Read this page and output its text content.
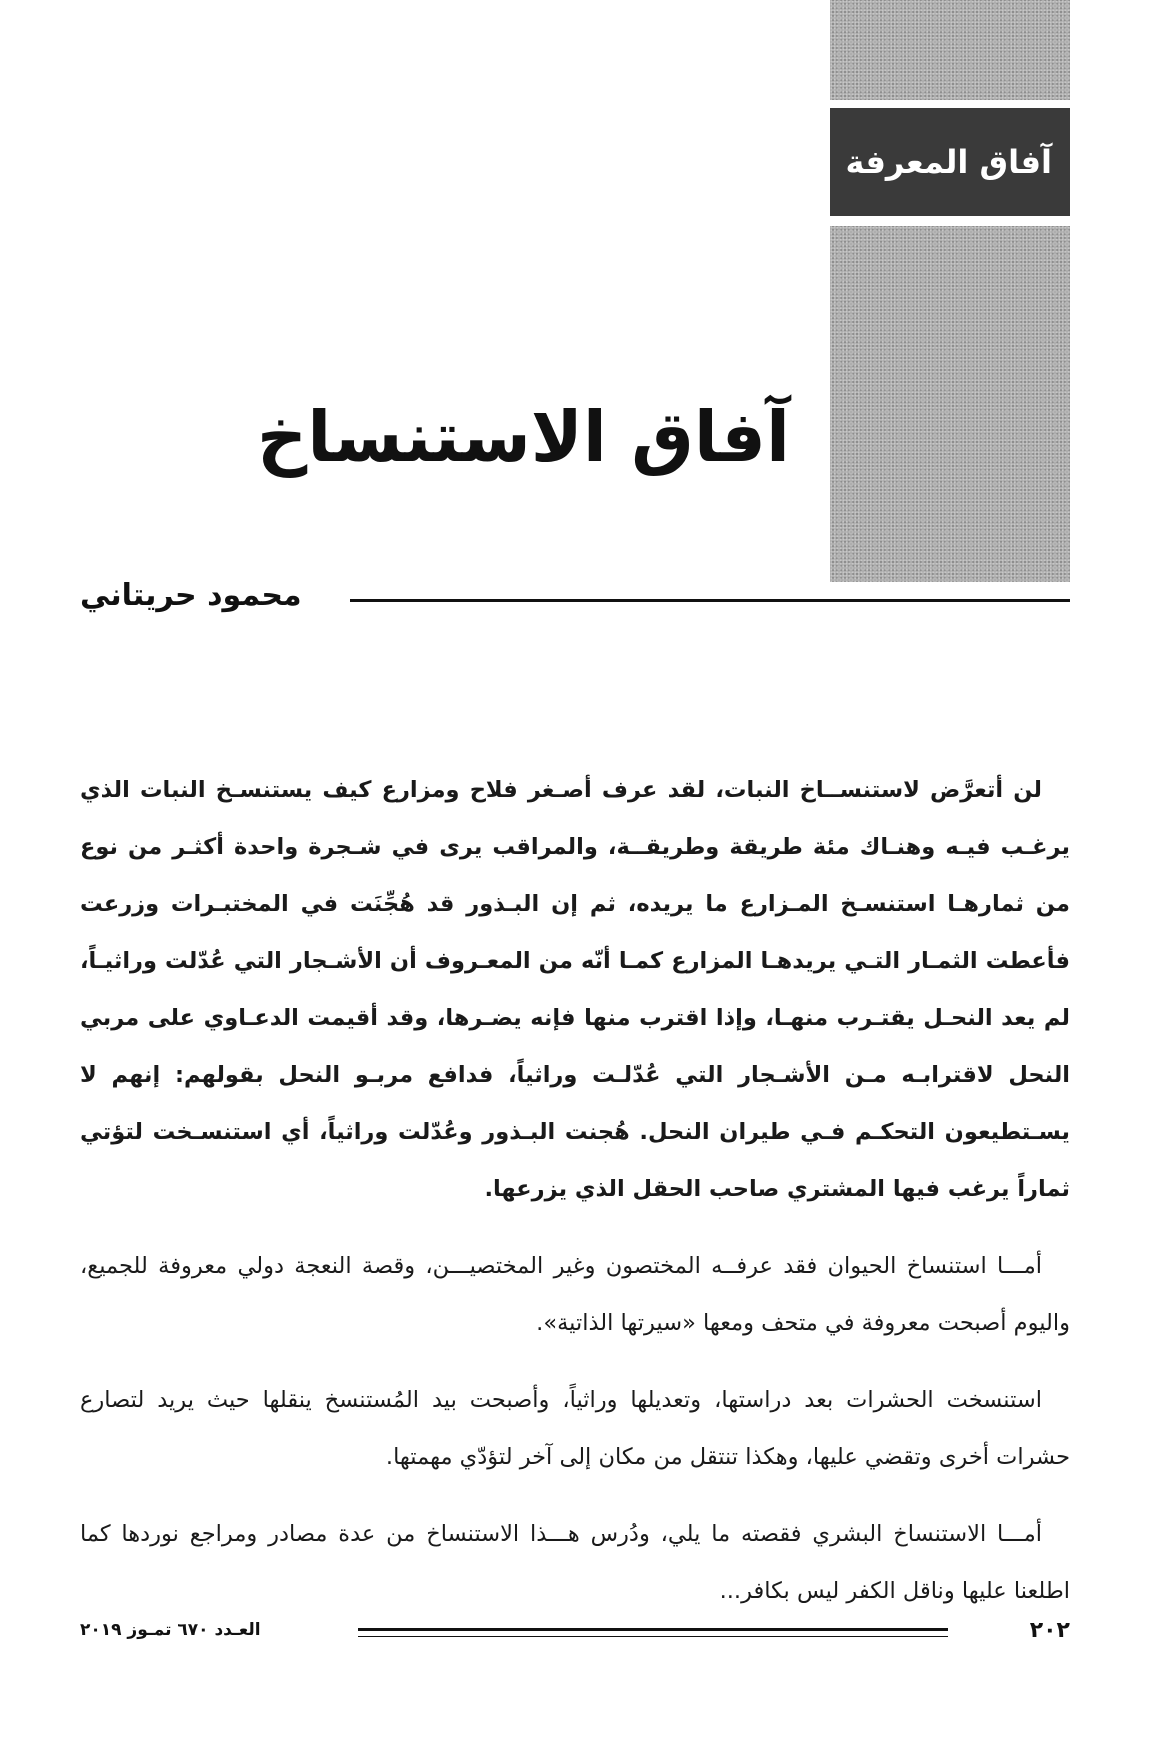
آفاق المعرفة
آفاق الاستنساخ
محمود حريتاني

لن أتعرَّض لاستنســاخ النبات، لقد عرف أصـغر فلاح ومزارع كيف يستنسـخ النبات الذي يرغـب فيـه وهنـاك مئة طريقة وطريقــة، والمراقب يرى في شـجرة واحدة أكثـر من نوع من ثمارهـا استنسـخ المـزارع ما يريده، ثم إن البـذور قد هُجِّنَت في المختبـرات وزرعت فأعطت الثمـار التـي يريدهـا المزارع كمـا أنّه من المعـروف أن الأشـجار التي عُدّلت وراثيـاً، لم يعد النحـل يقتـرب منهـا، وإذا اقترب منها فإنه يضـرها، وقد أقيمت الدعـاوي على مربي النحل لاقترابـه مـن الأشـجار التي عُدّلـت وراثياً، فدافع مربـو النحل بقولهم: إنهم لا يسـتطيعون التحكـم فـي طيران النحل. هُجنت البـذور وعُدّلت وراثياً، أي استنسـخت لتؤتي ثماراً يرغب فيها المشتري صاحب الحقل الذي يزرعها.

أمـــا استنساخ الحيوان فقد عرفــه المختصون وغير المختصيـــن، وقصة النعجة دولي معروفة للجميع، واليوم أصبحت معروفة في متحف ومعها «سيرتها الذاتية».

استنسخت الحشرات بعد دراستها، وتعديلها وراثياً، وأصبحت بيد المُستنسخ ينقلها حيث يريد لتصارع حشرات أخرى وتقضي عليها، وهكذا تنتقل من مكان إلى آخر لتؤدّي مهمتها.

أمـــا الاستنساخ البشري فقصته ما يلي، ودُرس هـــذا الاستنساخ من عدة مصادر ومراجع نوردها كما اطلعنا عليها وناقل الكفر ليس بكافر...

العـدد ٦٧٠ تمـوز ٢٠١٩	٢٠٢
